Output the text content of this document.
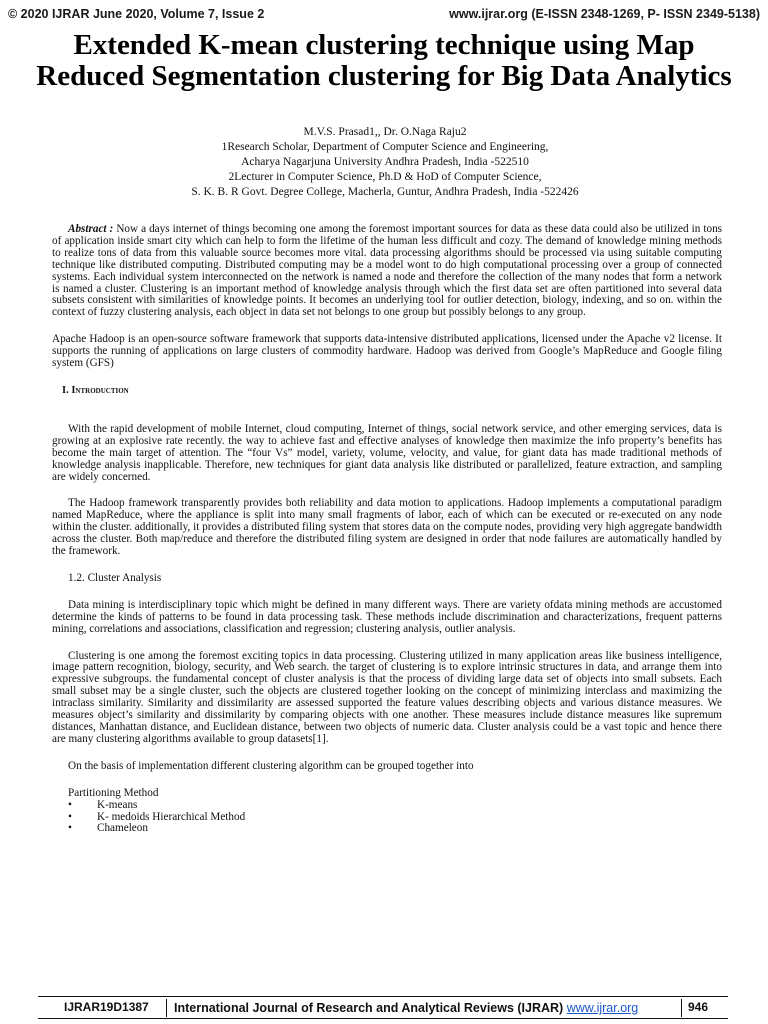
© 2020 IJRAR June 2020, Volume 7, Issue 2	www.ijrar.org (E-ISSN 2348-1269, P- ISSN 2349-5138)
Extended K-mean clustering technique using Map Reduced Segmentation clustering for Big Data Analytics
M.V.S. Prasad1,, Dr. O.Naga Raju2
1Research Scholar, Department of Computer Science and Engineering,
Acharya Nagarjuna University Andhra Pradesh, India -522510
2Lecturer in Computer Science, Ph.D & HoD of Computer Science,
S. K. B. R Govt. Degree College, Macherla, Guntur, Andhra Pradesh, India -522426

Abstract : Now a days internet of things becoming one among the foremost important sources for data as these data could also be utilized in tons of application inside smart city which can help to form the lifetime of the human less difficult and cozy. The demand of knowledge mining methods to realize tons of data from this valuable source becomes more vital. data processing algorithms should be processed via using suitable computing technique like distributed computing. Distributed computing may be a model wont to do high computational processing over a group of connected systems. Each individual system interconnected on the network is named a node and therefore the collection of the many nodes that form a network is named a cluster. Clustering is an important method of knowledge analysis through which the first data set are often partitioned into several data subsets consistent with similarities of knowledge points. It becomes an underlying tool for outlier detection, biology, indexing, and so on. within the context of fuzzy clustering analysis, each object in data set not belongs to one group but possibly belongs to any group.

Apache Hadoop is an open-source software framework that supports data-intensive distributed applications, licensed under the Apache v2 license. It supports the running of applications on large clusters of commodity hardware. Hadoop was derived from Google’s MapReduce and Google filing system (GFS)

I. Introduction

With the rapid development of mobile Internet, cloud computing, Internet of things, social network service, and other emerging services, data is growing at an explosive rate recently. the way to achieve fast and effective analyses of knowledge then maximize the info property’s benefits has become the main target of attention. The “four Vs” model, variety, volume, velocity, and value, for giant data has made traditional methods of knowledge analysis inapplicable. Therefore, new techniques for giant data analysis like distributed or parallelized, feature extraction, and sampling are widely concerned.

The Hadoop framework transparently provides both reliability and data motion to applications. Hadoop implements a computational paradigm named MapReduce, where the appliance is split into many small fragments of labor, each of which can be executed or re-executed on any node within the cluster. additionally, it provides a distributed filing system that stores data on the compute nodes, providing very high aggregate bandwidth across the cluster. Both map/reduce and therefore the distributed filing system are designed in order that node failures are automatically handled by the framework.

1.2. Cluster Analysis

Data mining is interdisciplinary topic which might be defined in many different ways. There are variety ofdata mining methods are accustomed determine the kinds of patterns to be found in data processing task. These methods include discrimination and characterizations, frequent patterns mining, correlations and associations, classification and regression; clustering analysis, outlier analysis.

Clustering is one among the foremost exciting topics in data processing. Clustering utilized in many application areas like business intelligence, image pattern recognition, biology, security, and Web search. the target of clustering is to explore intrinsic structures in data, and arrange them into expressive subgroups. the fundamental concept of cluster analysis is that the process of dividing large data set of objects into small subsets. Each small subset may be a single cluster, such the objects are clustered together looking on the concept of minimizing interclass and maximizing the intraclass similarity. Similarity and dissimilarity are assessed supported the feature values describing objects and various distance measures. We measures object’s similarity and dissimilarity by comparing objects with one another. These measures include distance measures like supremum distances, Manhattan distance, and Euclidean distance, between two objects of numeric data. Cluster analysis could be a vast topic and hence there are many clustering algorithms available to group datasets[1].

On the basis of implementation different clustering algorithm can be grouped together into

Partitioning Method

• K-means
• K- medoids Hierarchical Method
• Chameleon
IJRAR19D1387 International Journal of Research and Analytical Reviews (IJRAR) www.ijrar.org	946
